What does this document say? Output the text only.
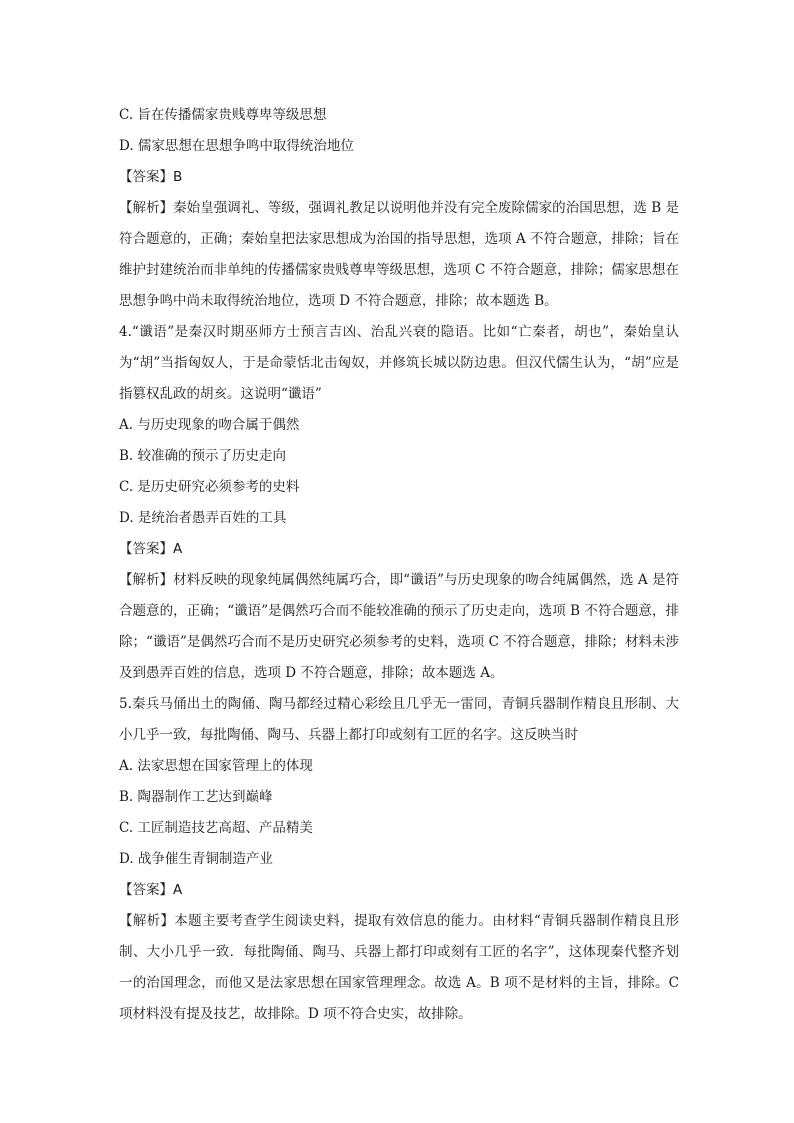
C. 旨在传播儒家贵贱尊卑等级思想

D. 儒家思想在思想争鸣中取得统治地位

【答案】B

【解析】秦始皇强调礼、等级，强调礼教足以说明他并没有完全废除儒家的治国思想，选 B 是符合题意的，正确；秦始皇把法家思想成为治国的指导思想，选项 A 不符合题意，排除；旨在维护封建统治而非单纯的传播儒家贵贱尊卑等级思想，选项 C 不符合题意，排除；儒家思想在思想争鸣中尚未取得统治地位，选项 D 不符合题意，排除；故本题选 B。

4.“谶语”是秦汉时期巫师方士预言吉凶、治乱兴衰的隐语。比如“亡秦者，胡也”，秦始皇认为“胡”当指匈奴人，于是命蒙恬北击匈奴，并修筑长城以防边患。但汉代儒生认为，“胡”应是指篡权乱政的胡亥。这说明“谶语”

A. 与历史现象的吻合属于偶然

B. 较准确的预示了历史走向

C. 是历史研究必须参考的史料

D. 是统治者愚弄百姓的工具

【答案】A

【解析】材料反映的现象纯属偶然纯属巧合，即“谶语”与历史现象的吻合纯属偶然，选 A 是符合题意的，正确；“谶语”是偶然巧合而不能较准确的预示了历史走向，选项 B 不符合题意，排除；“谶语”是偶然巧合而不是历史研究必须参考的史料，选项 C 不符合题意，排除；材料未涉及到愚弄百姓的信息，选项 D 不符合题意，排除；故本题选 A。

5.秦兵马俑出土的陶俑、陶马都经过精心彩绘且几乎无一雷同，青铜兵器制作精良且形制、大小几乎一致，每批陶俑、陶马、兵器上都打印或刻有工匠的名字。这反映当时

A. 法家思想在国家管理上的体现

B. 陶器制作工艺达到巅峰

C. 工匠制造技艺高超、产品精美

D. 战争催生青铜制造产业

【答案】A

【解析】本题主要考查学生阅读史料，提取有效信息的能力。由材料“青铜兵器制作精良且形制、大小几乎一致．每批陶俑、陶马、兵器上都打印或刻有工匠的名字”，这体现秦代整齐划一的治国理念，而他又是法家思想在国家管理理念。故选 A。B 项不是材料的主旨，排除。C 项材料没有提及技艺，故排除。D 项不符合史实，故排除。
